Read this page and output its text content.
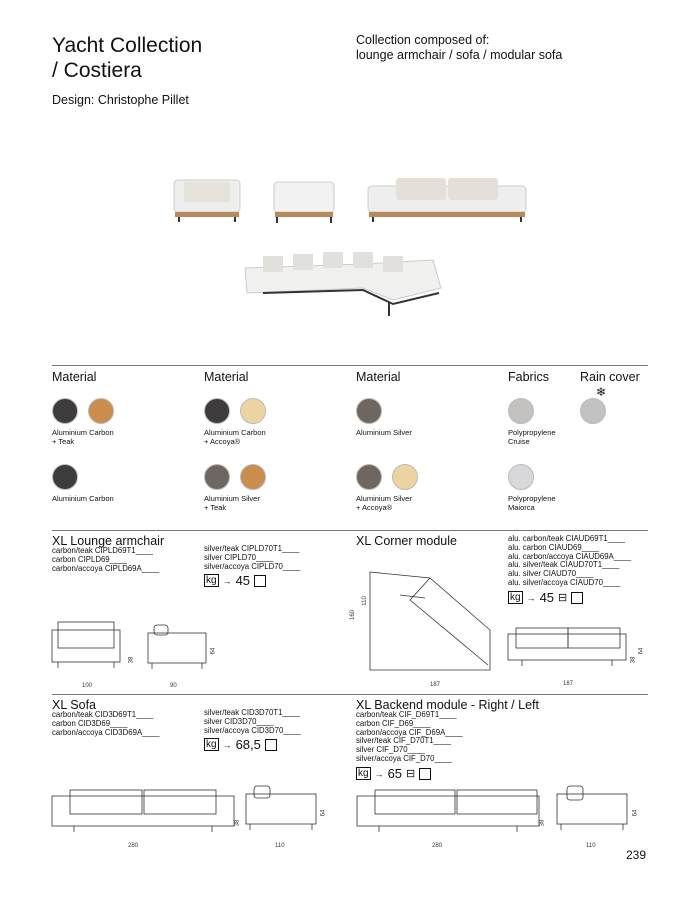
Yacht Collection
/ Costiera
Design: Christophe Pillet
Collection composed of:
lounge armchair / sofa / modular sofa
Material	Material	Material	Fabrics Rain cover
Aluminium Carbon
+ Teak
Aluminium Carbon
Aluminium Carbon
+ Accoya®
Aluminium Silver
+ Teak
Aluminium Silver
Aluminium Silver
+ Accoya®
Polypropylene
Cruise
Polypropylene
Maiorca
❄
XL Lounge armchair
carbon/teak CIPLD69T1____
carbon CIPLD69____
carbon/accoya CIPLD69A____
silver/teak CIPLD70T1____
silver CIPLD70____
silver/accoya CIPLD70____
kg → 45
XL Corner module	alu. carbon/teak CIAUD69T1____
alu. carbon CIAUD69____
alu. carbon/accoya CIAUD69A____
alu. silver/teak CIAUD70T1____
alu. silver CIAUD70____
alu. silver/accoya CIAUD70____
kg → 45 ⊟
38
64
100	90
160
110
187	187
38
64
XL Sofa
carbon/teak CID3D69T1____
carbon CID3D69____
carbon/accoya CID3D69A____
silver/teak CID3D70T1____
silver CID3D70____
silver/accoya CID3D70____
kg → 68,5
XL Backend module - Right / Left
carbon/teak CIF_D69T1____
carbon CIF_D69____
carbon/accoya CIF_D69A____
silver/teak CIF_D70T1____
silver CIF_D70____
silver/accoya CIF_D70____
kg → 65 ⊟
280	110
38
64
280	110
38
64
239
